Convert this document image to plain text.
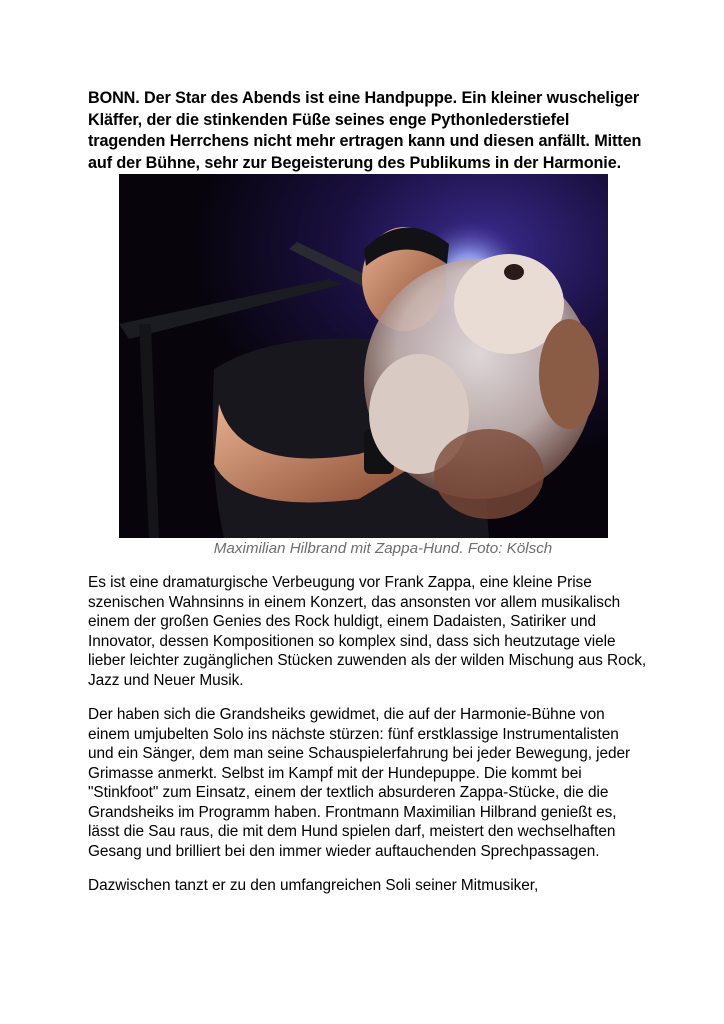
BONN. Der Star des Abends ist eine Handpuppe. Ein kleiner wuscheliger Kläffer, der die stinkenden Füße seines enge Pythonlederstiefel tragenden Herrchens nicht mehr ertragen kann und diesen anfällt. Mitten auf der Bühne, sehr zur Begeisterung des Publikums in der Harmonie.

Maximilian Hilbrand mit Zappa-Hund. Foto: Kölsch

Es ist eine dramaturgische Verbeugung vor Frank Zappa, eine kleine Prise szenischen Wahnsinns in einem Konzert, das ansonsten vor allem musikalisch einem der großen Genies des Rock huldigt, einem Dadaisten, Satiriker und Innovator, dessen Kompositionen so komplex sind, dass sich heutzutage viele lieber leichter zugänglichen Stücken zuwenden als der wilden Mischung aus Rock, Jazz und Neuer Musik.

Der haben sich die Grandsheiks gewidmet, die auf der Harmonie-Bühne von einem umjubelten Solo ins nächste stürzen: fünf erstklassige Instrumentalisten und ein Sänger, dem man seine Schauspielerfahrung bei jeder Bewegung, jeder Grimasse anmerkt. Selbst im Kampf mit der Hundepuppe. Die kommt bei "Stinkfoot" zum Einsatz, einem der textlich absurderen Zappa-Stücke, die die Grandsheiks im Programm haben. Frontmann Maximilian Hilbrand genießt es, lässt die Sau raus, die mit dem Hund spielen darf, meistert den wechselhaften Gesang und brilliert bei den immer wieder auftauchenden Sprechpassagen.

Dazwischen tanzt er zu den umfangreichen Soli seiner Mitmusiker,
